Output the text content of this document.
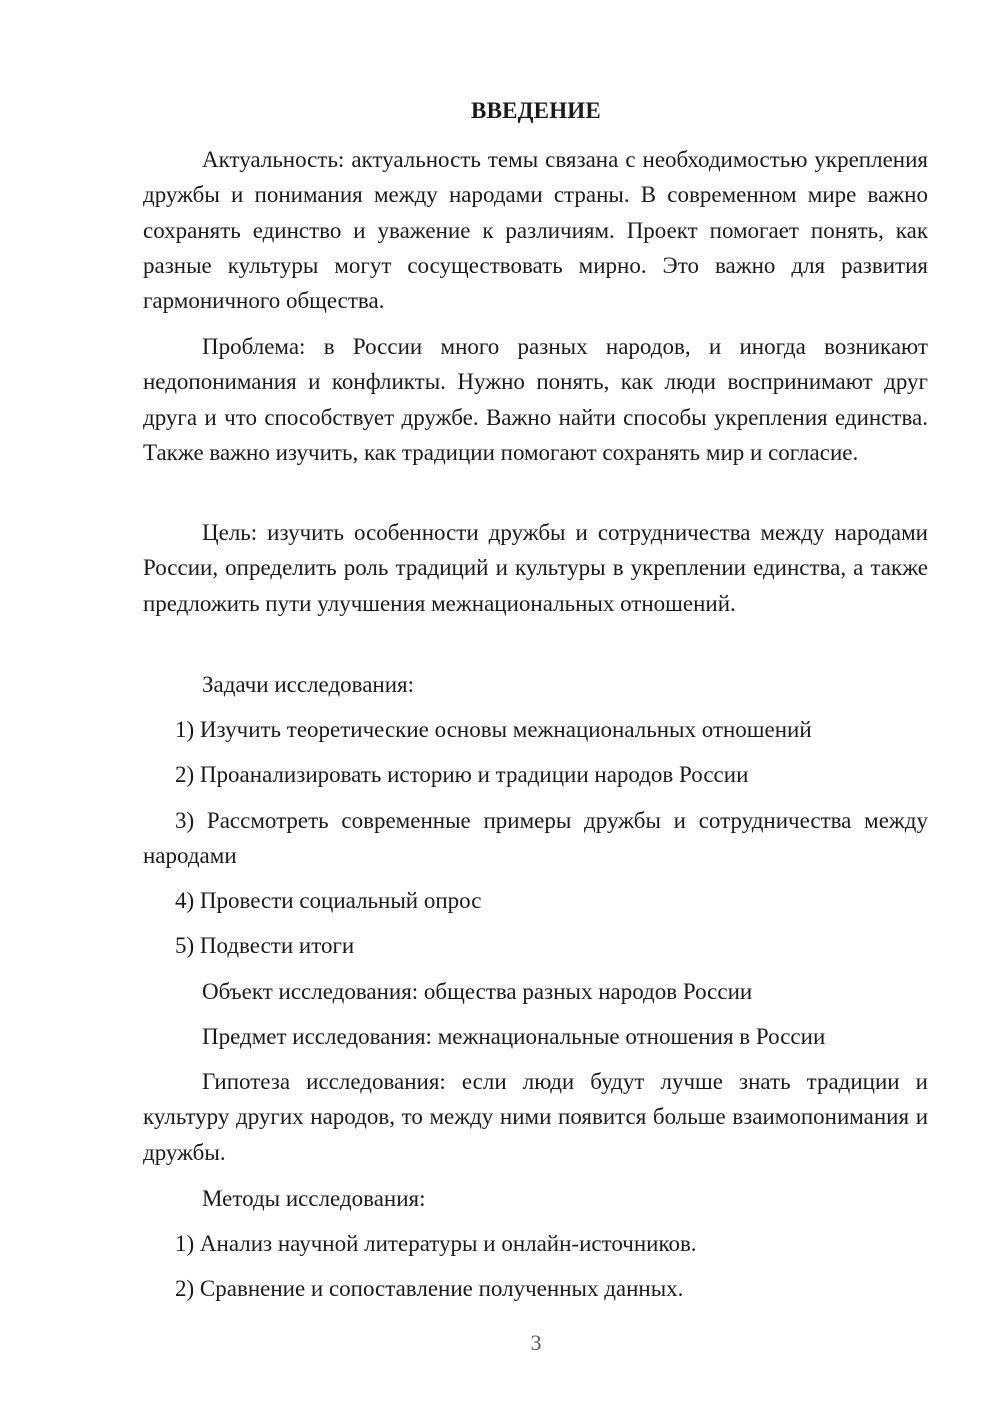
ВВЕДЕНИЕ
Актуальность: актуальность темы связана с необходимостью укрепления дружбы и понимания между народами страны. В современном мире важно сохранять единство и уважение к различиям. Проект помогает понять, как разные культуры могут сосуществовать мирно. Это важно для развития гармоничного общества.
Проблема: в России много разных народов, и иногда возникают недопонимания и конфликты. Нужно понять, как люди воспринимают друг друга и что способствует дружбе. Важно найти способы укрепления единства. Также важно изучить, как традиции помогают сохранять мир и согласие.
Цель: изучить особенности дружбы и сотрудничества между народами России, определить роль традиций и культуры в укреплении единства, а также предложить пути улучшения межнациональных отношений.
Задачи исследования:
1) Изучить теоретические основы межнациональных отношений
2) Проанализировать историю и традиции народов России
3) Рассмотреть современные примеры дружбы и сотрудничества между народами
4) Провести социальный опрос
5) Подвести итоги
Объект исследования: общества разных народов России
Предмет исследования: межнациональные отношения в России
Гипотеза исследования: если люди будут лучше знать традиции и культуру других народов, то между ними появится больше взаимопонимания и дружбы.
Методы исследования:
1) Анализ научной литературы и онлайн-источников.
2) Сравнение и сопоставление полученных данных.
3
